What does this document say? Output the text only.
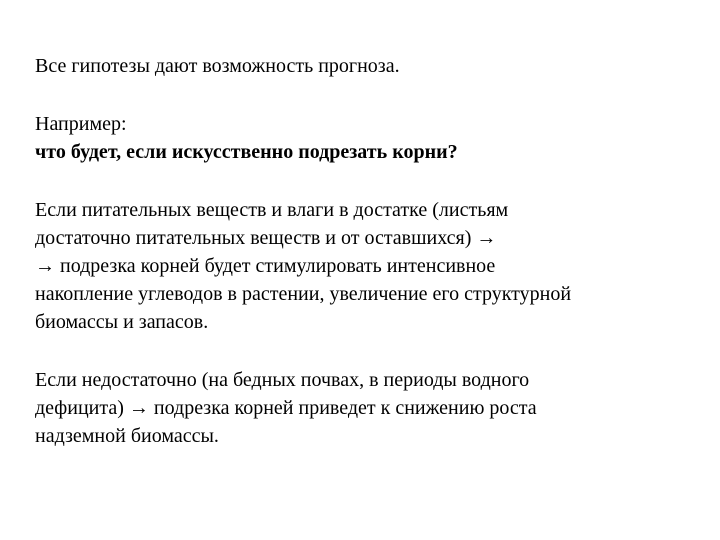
Все гипотезы дают возможность прогноза.
Например:
что будет, если искусственно подрезать корни?
Если питательных веществ и влаги в достатке (листьям
достаточно питательных веществ и от оставшихся) →
→ подрезка корней будет стимулировать интенсивное
накопление углеводов в растении, увеличение его структурной
биомассы и запасов.
Если недостаточно (на бедных почвах, в периоды водного
дефицита) → подрезка корней приведет к снижению роста
надземной биомассы.
